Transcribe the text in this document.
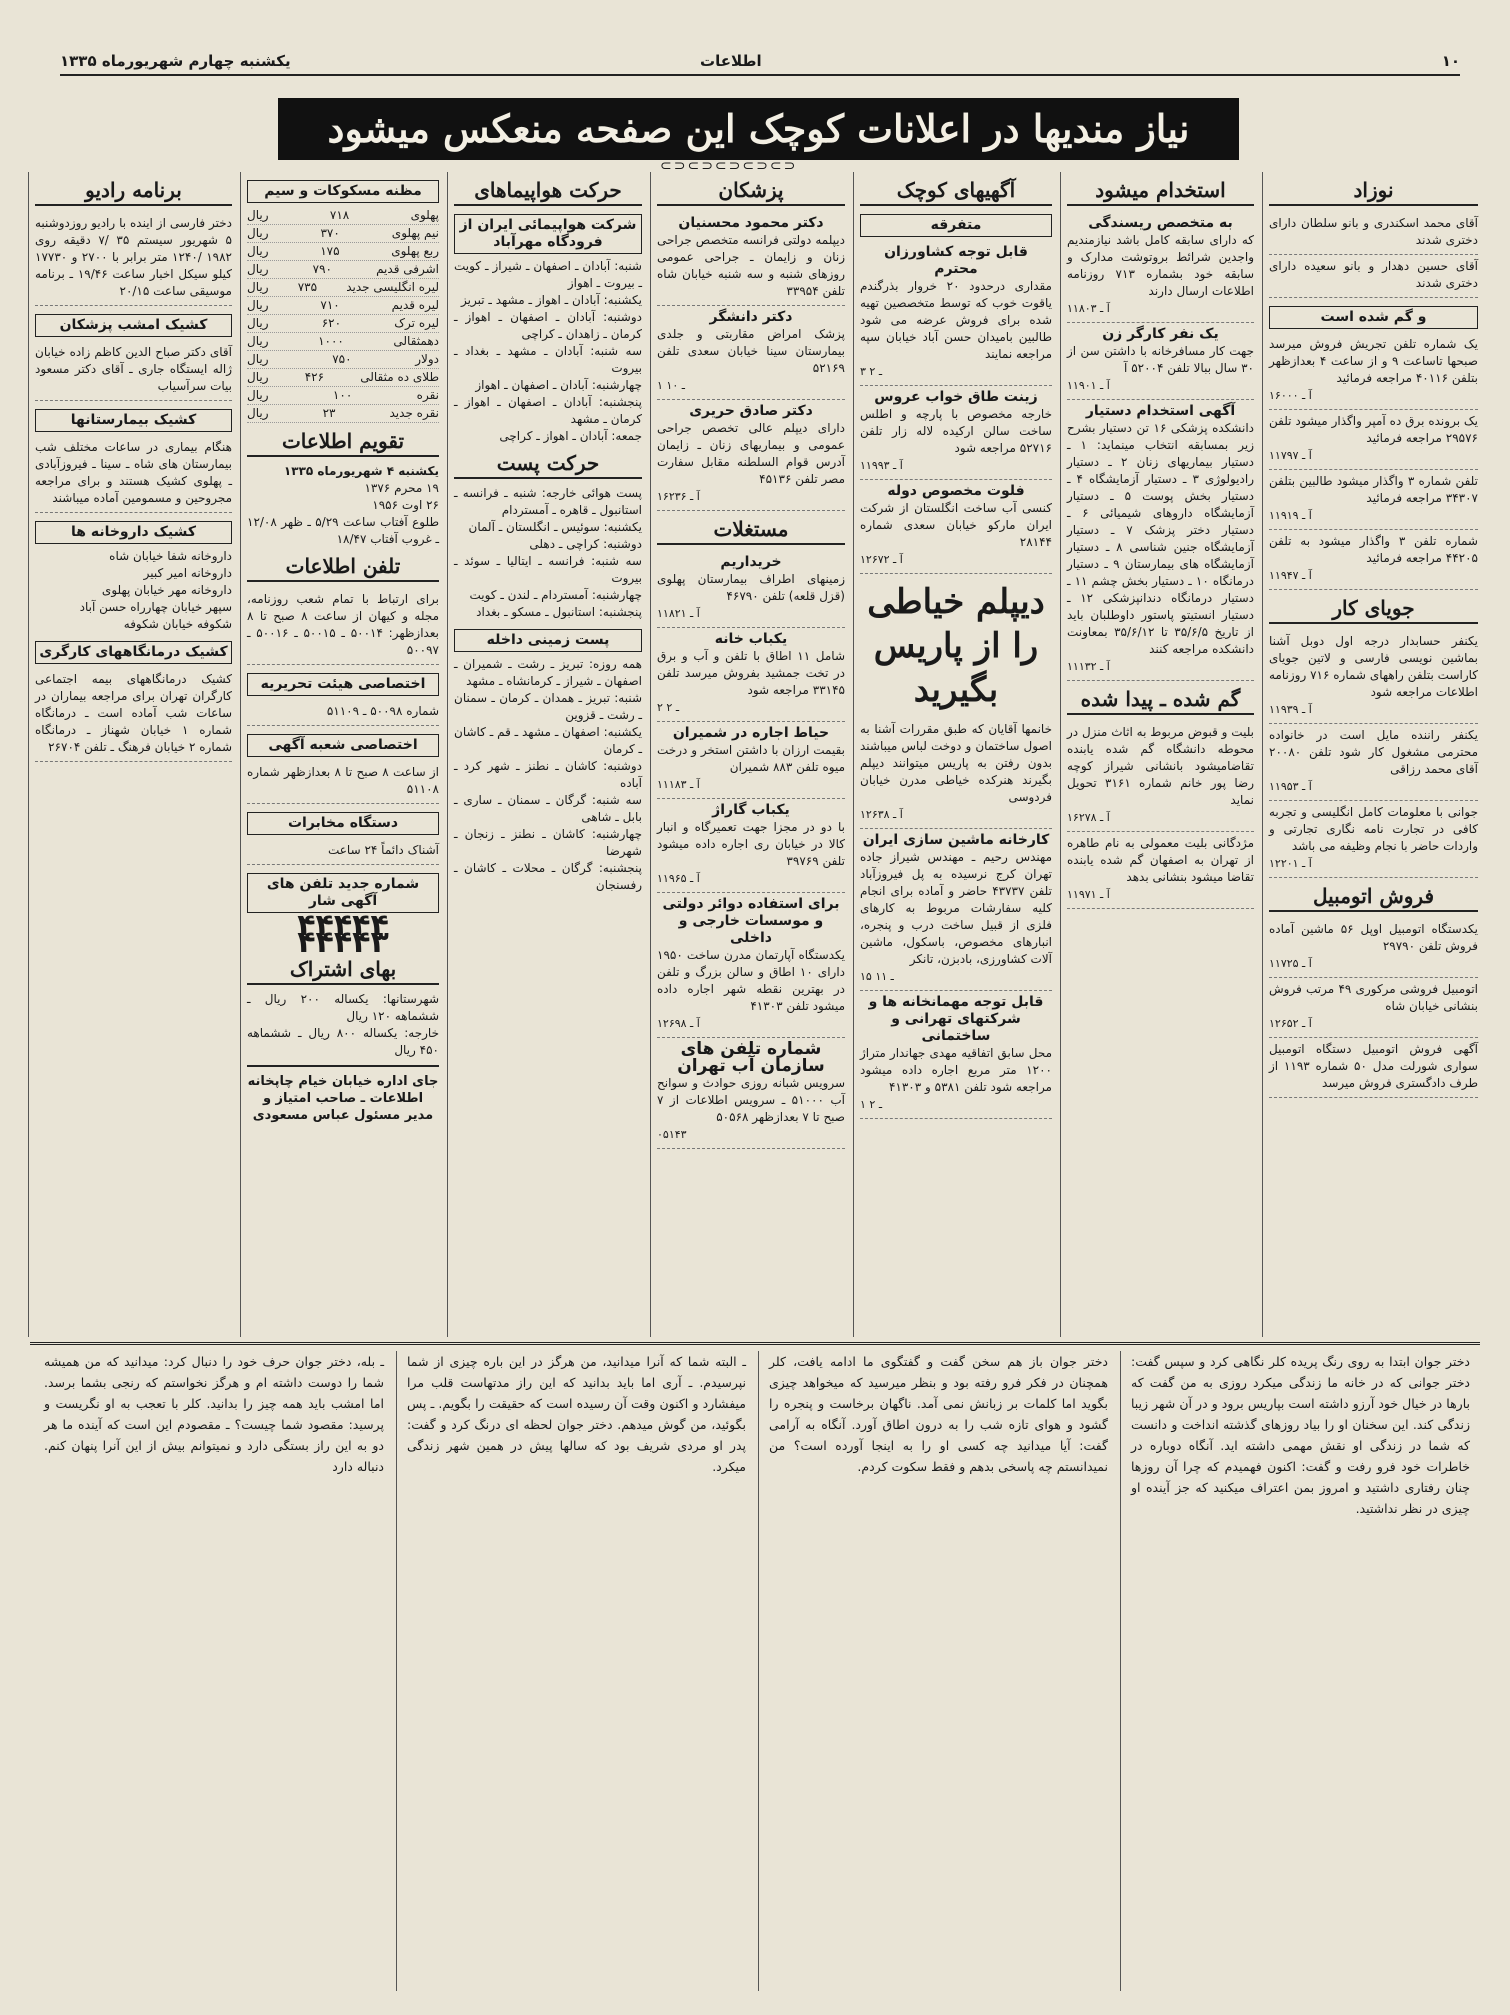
۱۰
اطلاعات
یکشنبه چهارم شهریورماه ۱۳۳۵
نیاز مندیها در اعلانات کوچک این صفحه منعکس میشود
⊂⊃⊂⊃⊂⊃⊂⊃⊂⊃
نوزاد
آقای محمد اسکندری و بانو سلطان دارای دختری شدند
آقای حسین دهدار و بانو سعیده دارای دختری شدند
و گم شده است
یک شماره تلفن تجریش فروش میرسد صبحها تاساعت ۹ و از ساعت ۴ بعدازظهر بتلفن ۴۰۱۱۶ مراجعه فرمائید
آ ـ ۱۶۰۰۰
یک برونده برق ده آمپر واگذار میشود تلفن ۲۹۵۷۶ مراجعه فرمائید
آ ـ ۱۱۷۹۷
تلفن شماره ۳ واگذار میشود طالبین بتلفن ۳۴۳۰۷ مراجعه فرمائید
آ ـ ۱۱۹۱۹
شماره تلفن ۳ واگذار میشود به تلفن ۴۴۲۰۵ مراجعه فرمائید
آ ـ ۱۱۹۴۷
جویای کار
یکنفر حسابدار درجه اول دوبل آشنا بماشین نویسی فارسی و لاتین جویای کاراست بتلفن راههای شماره ۷۱۶ روزنامه اطلاعات مراجعه شود
آ ـ ۱۱۹۳۹
یکنفر راننده مایل است در خانواده محترمی مشغول کار شود تلفن ۲۰۰۸۰ آقای محمد رزاقی
آ ـ ۱۱۹۵۳
جوانی با معلومات کامل انگلیسی و تجربه کافی در تجارت نامه نگاری تجارتی و واردات حاضر با نجام وظیفه می باشد
آ ـ ۱۲۲۰۱
فروش اتومبیل
یکدستگاه اتومبیل اوپل ۵۶ ماشین آماده فروش تلفن ۲۹۷۹۰
آ ـ ۱۱۷۲۵
اتومبیل فروشی مرکوری ۴۹ مرتب فروش بنشانی خیابان شاه
آ ـ ۱۲۶۵۲
آگهی فروش اتومبیل دستگاه اتومبیل سواری شورلت مدل ۵۰ شماره ۱۱۹۳ از طرف دادگستری فروش میرسد
استخدام میشود
به متخصص ریسندگی
که دارای سابقه کامل باشد نیازمندیم واجدین شرائط بروتوشت مدارک و سابقه خود بشماره ۷۱۳ روزنامه اطلاعات ارسال دارند
آ ـ ۱۱۸۰۳
یک نفر کارگر زن
جهت کار مسافرخانه با داشتن سن از ۳۰ سال ببالا تلفن ۵۲۰۰۴ آ
آ ـ ۱۱۹۰۱
آگهی استخدام دستیار
دانشکده پزشکی ۱۶ تن دستیار بشرح زیر بمسابقه انتخاب مینماید: ۱ ـ دستیار بیماریهای زنان ۲ ـ دستیار رادیولوژی ۳ ـ دستیار آزمایشگاه ۴ ـ دستیار بخش پوست ۵ ـ دستیار آزمایشگاه داروهای شیمیائی ۶ ـ دستیار دختر پزشک ۷ ـ دستیار آزمایشگاه جنین شناسی ۸ ـ دستیار آزمایشگاه های بیمارستان ۹ ـ دستیار درمانگاه ۱۰ ـ دستیار بخش چشم ۱۱ ـ دستیار درمانگاه دندانپزشکی ۱۲ ـ دستیار انستیتو پاستور داوطلبان باید از تاریخ ۳۵/۶/۵ تا ۳۵/۶/۱۲ بمعاونت دانشکده مراجعه کنند
آ ـ ۱۱۱۳۲
گم شده ـ پیدا شده
بلیت و قبوض مربوط به اثاث منزل در محوطه دانشگاه گم شده یابنده تقاضامیشود بانشانی شیراز کوچه رضا پور خانم شماره ۳۱۶۱ تحویل نماید
آ ـ ۱۶۲۷۸
مژدگانی بلیت معمولی به نام طاهره از تهران به اصفهان گم شده یابنده تقاضا میشود بنشانی بدهد
آ ـ ۱۱۹۷۱
آگهیهای کوچک
متفرقه
قابل توجه کشاورزان محترم
مقداری درحدود ۲۰ خروار بذرگندم یاقوت خوب که توسط متخصصین تهیه شده برای فروش عرضه می شود طالبین بامیدان حسن آباد خیابان سپه مراجعه نمایند
۳ ـ ۲
زینت طاق خواب عروس
خارجه مخصوص با پارچه و اطلس ساخت سالن ارکیده لاله زار تلفن ۵۲۷۱۶ مراجعه شود
آ ـ ۱۱۹۹۳
فلوت مخصوص دوله
کنسی آب ساخت انگلستان از شرکت ایران مارکو خیابان سعدی شماره ۲۸۱۴۴
آ ـ ۱۲۶۷۲
دیپلم خیاطی را از پاریس بگیرید
خانمها آقایان که طبق مقررات آشنا به اصول ساختمان و دوخت لباس میباشند بدون رفتن به پاریس میتوانند دیپلم بگیرند هنرکده خیاطی مدرن خیابان فردوسی
آ ـ ۱۲۶۳۸
کارخانه ماشین سازی ایران
مهندس رحیم ـ مهندس شیراز جاده تهران کرج نرسیده به پل فیروزآباد تلفن ۴۳۷۳۷ حاضر و آماده برای انجام کلیه سفارشات مربوط به کارهای فلزی از قبیل ساخت درب و پنجره، انبارهای مخصوص، باسکول، ماشین آلات کشاورزی، بادبزن، تانکر
۱۵ ـ ۱۱
قابل توجه مهمانخانه ها و شرکتهای تهرانی و ساختمانی
محل سابق اتفاقیه مهدی جهاندار متراژ ۱۲۰۰ متر مربع اجاره داده میشود مراجعه شود تلفن ۵۳۸۱ و ۴۱۳۰۳
۱ ـ ۲
پزشکان
دکتر محمود محسنیان
دیپلمه دولتی فرانسه متخصص جراحی زنان و زایمان ـ جراحی عمومی روزهای شنبه و سه شنبه خیابان شاه تلفن ۳۳۹۵۴
دکتر دانشگر
پزشک امراض مقاربتی و جلدی بیمارستان سینا خیابان سعدی تلفن ۵۲۱۶۹
۱ ـ ۱۰
دکتر صادق حریری
دارای دیپلم عالی تخصص جراحی عمومی و بیماریهای زنان ـ زایمان آدرس قوام السلطنه مقابل سفارت مصر تلفن ۴۵۱۳۶
آ ـ ۱۶۲۳۶
مستغلات
خریداریم
زمینهای اطراف بیمارستان پهلوی (قزل قلعه) تلفن ۴۶۷۹۰
آ ـ ۱۱۸۲۱
یکباب خانه
شامل ۱۱ اطاق با تلفن و آب و برق در تخت جمشید بفروش میرسد تلفن ۳۳۱۴۵ مراجعه شود
۲ ـ ۲
حیاط اجاره در شمیران
بقیمت ارزان با داشتن استخر و درخت میوه تلفن ۸۸۳ شمیران
آ ـ ۱۱۱۸۳
یکباب گاراژ
با دو در مجزا جهت تعمیرگاه و انبار کالا در خیابان ری اجاره داده میشود تلفن ۳۹۷۶۹
آ ـ ۱۱۹۶۵
برای استفاده دوائر دولتی و موسسات خارجی و داخلی
یکدستگاه آپارتمان مدرن ساخت ۱۹۵۰ دارای ۱۰ اطاق و سالن بزرگ و تلفن در بهترین نقطه شهر اجاره داده میشود تلفن ۴۱۳۰۳
آ ـ ۱۲۶۹۸
شماره تلفن های سازمان آب تهران
سرویس شبانه روزی حوادث و سوانح آب ۵۱۰۰۰ ـ سرویس اطلاعات از ۷ صبح تا ۷ بعدازظهر ۵۰۵۶۸
۰۵۱۴۳
حرکت هواپیماهای
شرکت هواپیمائی ایران از فرودگاه مهرآباد
شنبه: آبادان ـ اصفهان ـ شیراز ـ کویت ـ بیروت ـ اهواز
یکشنبه: آبادان ـ اهواز ـ مشهد ـ تبریز
دوشنبه: آبادان ـ اصفهان ـ اهواز ـ کرمان ـ زاهدان ـ کراچی
سه شنبه: آبادان ـ مشهد ـ بغداد ـ بیروت
چهارشنبه: آبادان ـ اصفهان ـ اهواز
پنجشنبه: آبادان ـ اصفهان ـ اهواز ـ کرمان ـ مشهد
جمعه: آبادان ـ اهواز ـ کراچی
حرکت پست
پست هوائی خارجه: شنبه ـ فرانسه ـ استانبول ـ قاهره ـ آمستردام
یکشنبه: سوئیس ـ انگلستان ـ آلمان
دوشنبه: کراچی ـ دهلی
سه شنبه: فرانسه ـ ایتالیا ـ سوئد ـ بیروت
چهارشنبه: آمستردام ـ لندن ـ کویت
پنجشنبه: استانبول ـ مسکو ـ بغداد
پست زمینی داخله
همه روزه: تبریز ـ رشت ـ شمیران ـ اصفهان ـ شیراز ـ کرمانشاه ـ مشهد
شنبه: تبریز ـ همدان ـ کرمان ـ سمنان ـ رشت ـ قزوین
یکشنبه: اصفهان ـ مشهد ـ قم ـ کاشان ـ کرمان
دوشنبه: کاشان ـ نطنز ـ شهر کرد ـ آباده
سه شنبه: گرگان ـ سمنان ـ ساری ـ بابل ـ شاهی
چهارشنبه: کاشان ـ نطنز ـ زنجان ـ شهرضا
پنجشنبه: گرگان ـ محلات ـ کاشان ـ رفسنجان
مظنه مسکوکات و سیم
پهلوی
۷۱۸
ریال
نیم پهلوی
۳۷۰
ریال
ربع پهلوی
۱۷۵
ریال
اشرفی قدیم
۷۹۰
ریال
لیره انگلیسی جدید
۷۳۵
ریال
لیره قدیم
۷۱۰
ریال
لیره ترک
۶۲۰
ریال
دهمثقالی
۱۰۰۰
ریال
دولار
۷۵۰
ریال
طلای ده مثقالی
۴۲۶
ریال
نقره
۱۰۰
ریال
نقره جدید
۲۳
ریال
تقویم اطلاعات
یکشنبه ۴ شهریورماه ۱۳۳۵
۱۹ محرم ۱۳۷۶
۲۶ اوت ۱۹۵۶
طلوع آفتاب ساعت ۵/۲۹ ـ ظهر ۱۲/۰۸ ـ غروب آفتاب ۱۸/۴۷
تلفن اطلاعات
برای ارتباط با تمام شعب روزنامه، مجله و کیهان از ساعت ۸ صبح تا ۸ بعدازظهر: ۵۰۰۱۴ ـ ۵۰۰۱۵ ـ ۵۰۰۱۶ ـ ۵۰۰۹۷
اختصاصی هیئت تحریریه
شماره ۵۰۰۹۸ ـ ۵۱۱۰۹
اختصاصی شعبه آگهی
از ساعت ۸ صبح تا ۸ بعدازظهر شماره ۵۱۱۰۸
دستگاه مخابرات
آشناک دائماً ۲۴ ساعت
شماره جدید تلفن های آگهی شار
۴۴۴۴۴ ۴۴۴۴۳
بهای اشتراک
شهرستانها: یکساله ۲۰۰ ریال ـ ششماهه ۱۲۰ ریال
خارجه: یکساله ۸۰۰ ریال ـ ششماهه ۴۵۰ ریال
جای اداره خیابان خیام چاپخانه اطلاعات ـ صاحب امتیاز و مدیر مسئول عباس مسعودی
برنامه رادیو
دختر فارسی از اینده با رادیو روزدوشنبه ۵ شهریور سیستم ۳۵ /۷ دقیقه روی ۱۹۸۲ /۱۲۴۰ متر برابر با ۲۷۰۰ و ۱۷۷۳۰ کیلو سیکل اخبار ساعت ۱۹/۴۶ ـ برنامه موسیقی ساعت ۲۰/۱۵
کشیک امشب پزشکان
آقای دکتر صباح الدین کاظم زاده خیابان ژاله ایستگاه جاری ـ آقای دکتر مسعود بیات سرآسیاب
کشیک بیمارستانها
هنگام بیماری در ساعات مختلف شب بیمارستان های شاه ـ سینا ـ فیروزآبادی ـ پهلوی کشیک هستند و برای مراجعه مجروحین و مسمومین آماده میباشند
کشیک داروخانه ها
داروخانه شفا خیابان شاه
داروخانه امیر کبیر
داروخانه مهر خیابان پهلوی
سپهر خیابان چهارراه حسن آباد
شکوفه خیابان شکوفه
کشیک درمانگاههای کارگری
کشیک درمانگاههای بیمه اجتماعی کارگران تهران برای مراجعه بیماران در ساعات شب آماده است ـ درمانگاه شماره ۱ خیابان شهناز ـ درمانگاه شماره ۲ خیابان فرهنگ ـ تلفن ۲۶۷۰۴
دختر جوان ابتدا به روی رنگ پریده کلر نگاهی کرد و سپس گفت: دختر جوانی که در خانه ما زندگی میکرد روزی به من گفت که بارها در خیال خود آرزو داشته است بپاریس برود و در آن شهر زیبا زندگی کند. این سخنان او را بیاد روزهای گذشته انداخت و دانست که شما در زندگی او نقش مهمی داشته اید. آنگاه دوباره در خاطرات خود فرو رفت و گفت: اکنون فهمیدم که چرا آن روزها چنان رفتاری داشتید و امروز بمن اعتراف میکنید که جز آینده او چیزی در نظر نداشتید.
دختر جوان باز هم سخن گفت و گفتگوی ما ادامه یافت، کلر همچنان در فکر فرو رفته بود و بنظر میرسید که میخواهد چیزی بگوید اما کلمات بر زبانش نمی آمد. ناگهان برخاست و پنجره را گشود و هوای تازه شب را به درون اطاق آورد. آنگاه به آرامی گفت: آیا میدانید چه کسی او را به اینجا آورده است؟ من نمیدانستم چه پاسخی بدهم و فقط سکوت کردم.
ـ البته شما که آنرا میدانید، من هرگز در این باره چیزی از شما نپرسیدم. ـ آری اما باید بدانید که این راز مدتهاست قلب مرا میفشارد و اکنون وقت آن رسیده است که حقیقت را بگویم. ـ پس بگوئید، من گوش میدهم. دختر جوان لحظه ای درنگ کرد و گفت: پدر او مردی شریف بود که سالها پیش در همین شهر زندگی میکرد.
ـ بله، دختر جوان حرف خود را دنبال کرد: میدانید که من همیشه شما را دوست داشته ام و هرگز نخواستم که رنجی بشما برسد. اما امشب باید همه چیز را بدانید. کلر با تعجب به او نگریست و پرسید: مقصود شما چیست؟ ـ مقصودم این است که آینده ما هر دو به این راز بستگی دارد و نمیتوانم بیش از این آنرا پنهان کنم. دنباله دارد
